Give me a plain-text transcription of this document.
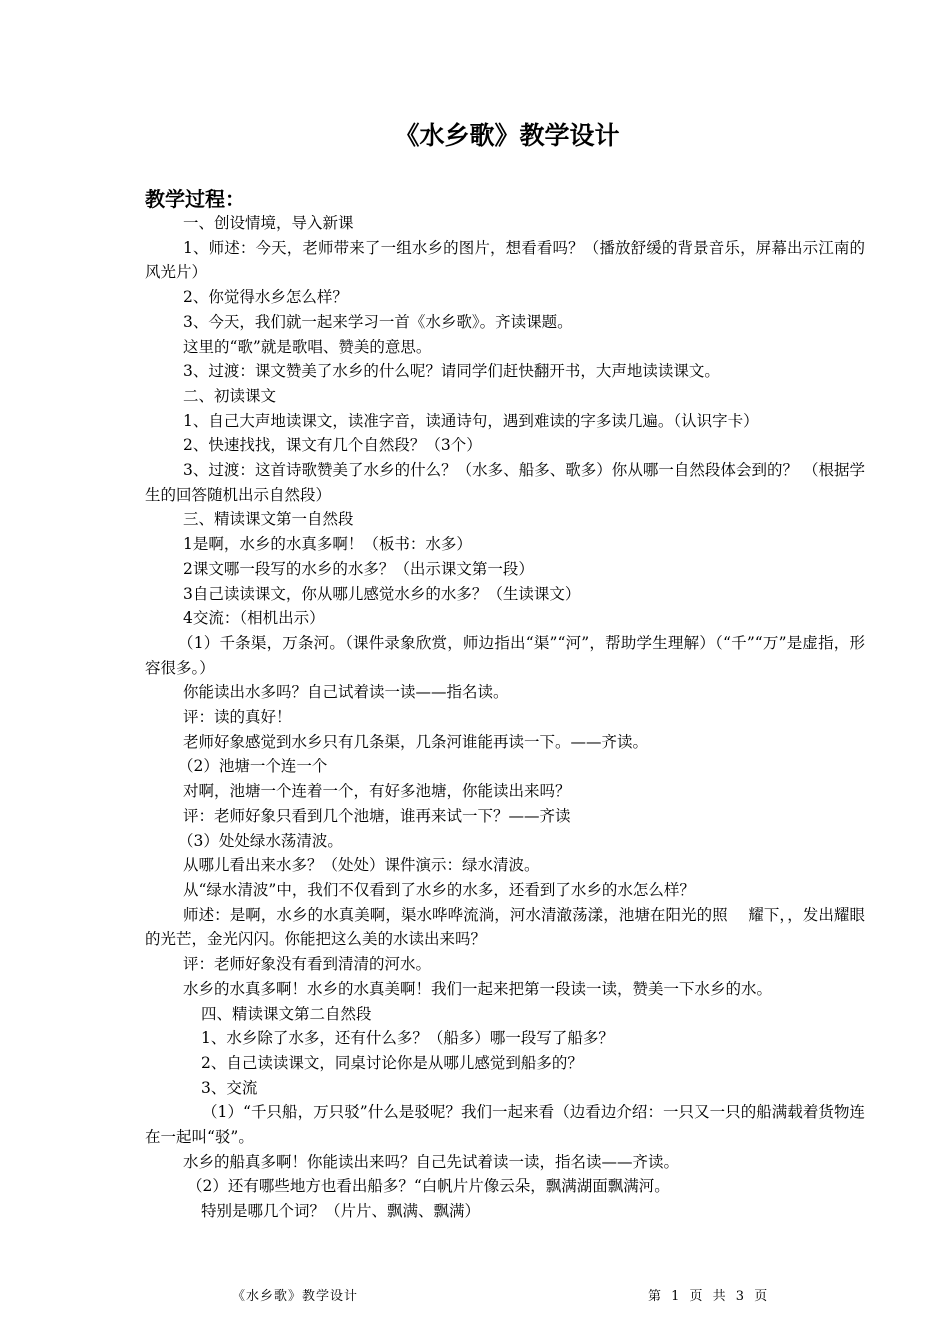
《水乡歌》教学设计
教学过程：

一、创设情境，导入新课

1、师述：今天，老师带来了一组水乡的图片，想看看吗？（播放舒缓的背景音乐，屏幕出示江南的风光片）

2、你觉得水乡怎么样？

3、今天，我们就一起来学习一首《水乡歌》。齐读课题。

这里的“歌”就是歌唱、赞美的意思。

3、过渡：课文赞美了水乡的什么呢？请同学们赶快翻开书，大声地读读课文。

二、初读课文

1、自己大声地读课文，读准字音，读通诗句，遇到难读的字多读几遍。（认识字卡）

2、快速找找，课文有几个自然段？（3个）

3、过渡：这首诗歌赞美了水乡的什么？（水多、船多、歌多）你从哪一自然段体会到的？ （根据学生的回答随机出示自然段）

三、精读课文第一自然段

1是啊，水乡的水真多啊！（板书：水多）

2课文哪一段写的水乡的水多？（出示课文第一段）

3自己读读课文，你从哪儿感觉水乡的水多？（生读课文）

4交流：（相机出示）

（1）千条渠，万条河。（课件录象欣赏，师边指出“渠”“河”，帮助学生理解）（“千”“万”是虚指，形容很多。）

你能读出水多吗？自己试着读一读——指名读。

评：读的真好！

老师好象感觉到水乡只有几条渠，几条河谁能再读一下。——齐读。

（2）池塘一个连一个

对啊，池塘一个连着一个，有好多池塘，你能读出来吗？

评：老师好象只看到几个池塘，谁再来试一下？——齐读

（3）处处绿水荡清波。

从哪儿看出来水多？（处处）课件演示：绿水清波。

从“绿水清波”中，我们不仅看到了水乡的水多，还看到了水乡的水怎么样？

师述：是啊，水乡的水真美啊，渠水哗哗流淌，河水清澈荡漾，池塘在阳光的照　 耀下，，发出耀眼的光芒，金光闪闪。你能把这么美的水读出来吗？

评：老师好象没有看到清清的河水。

水乡的水真多啊！水乡的水真美啊！我们一起来把第一段读一读，赞美一下水乡的水。

四、精读课文第二自然段

1、水乡除了水多，还有什么多？（船多）哪一段写了船多？

2、自己读读课文，同桌讨论你是从哪儿感觉到船多的？

3、交流

（1）“千只船，万只驳”什么是驳呢？我们一起来看（边看边介绍：一只又一只的船满载着货物连在一起叫“驳”。

水乡的船真多啊！你能读出来吗？自己先试着读一读，指名读——齐读。

（2）还有哪些地方也看出船多？“白帆片片像云朵，飘满湖面飘满河。

特别是哪几个词？（片片、飘满、飘满）

《水乡歌》教学设计	第 1 页 共 3 页
